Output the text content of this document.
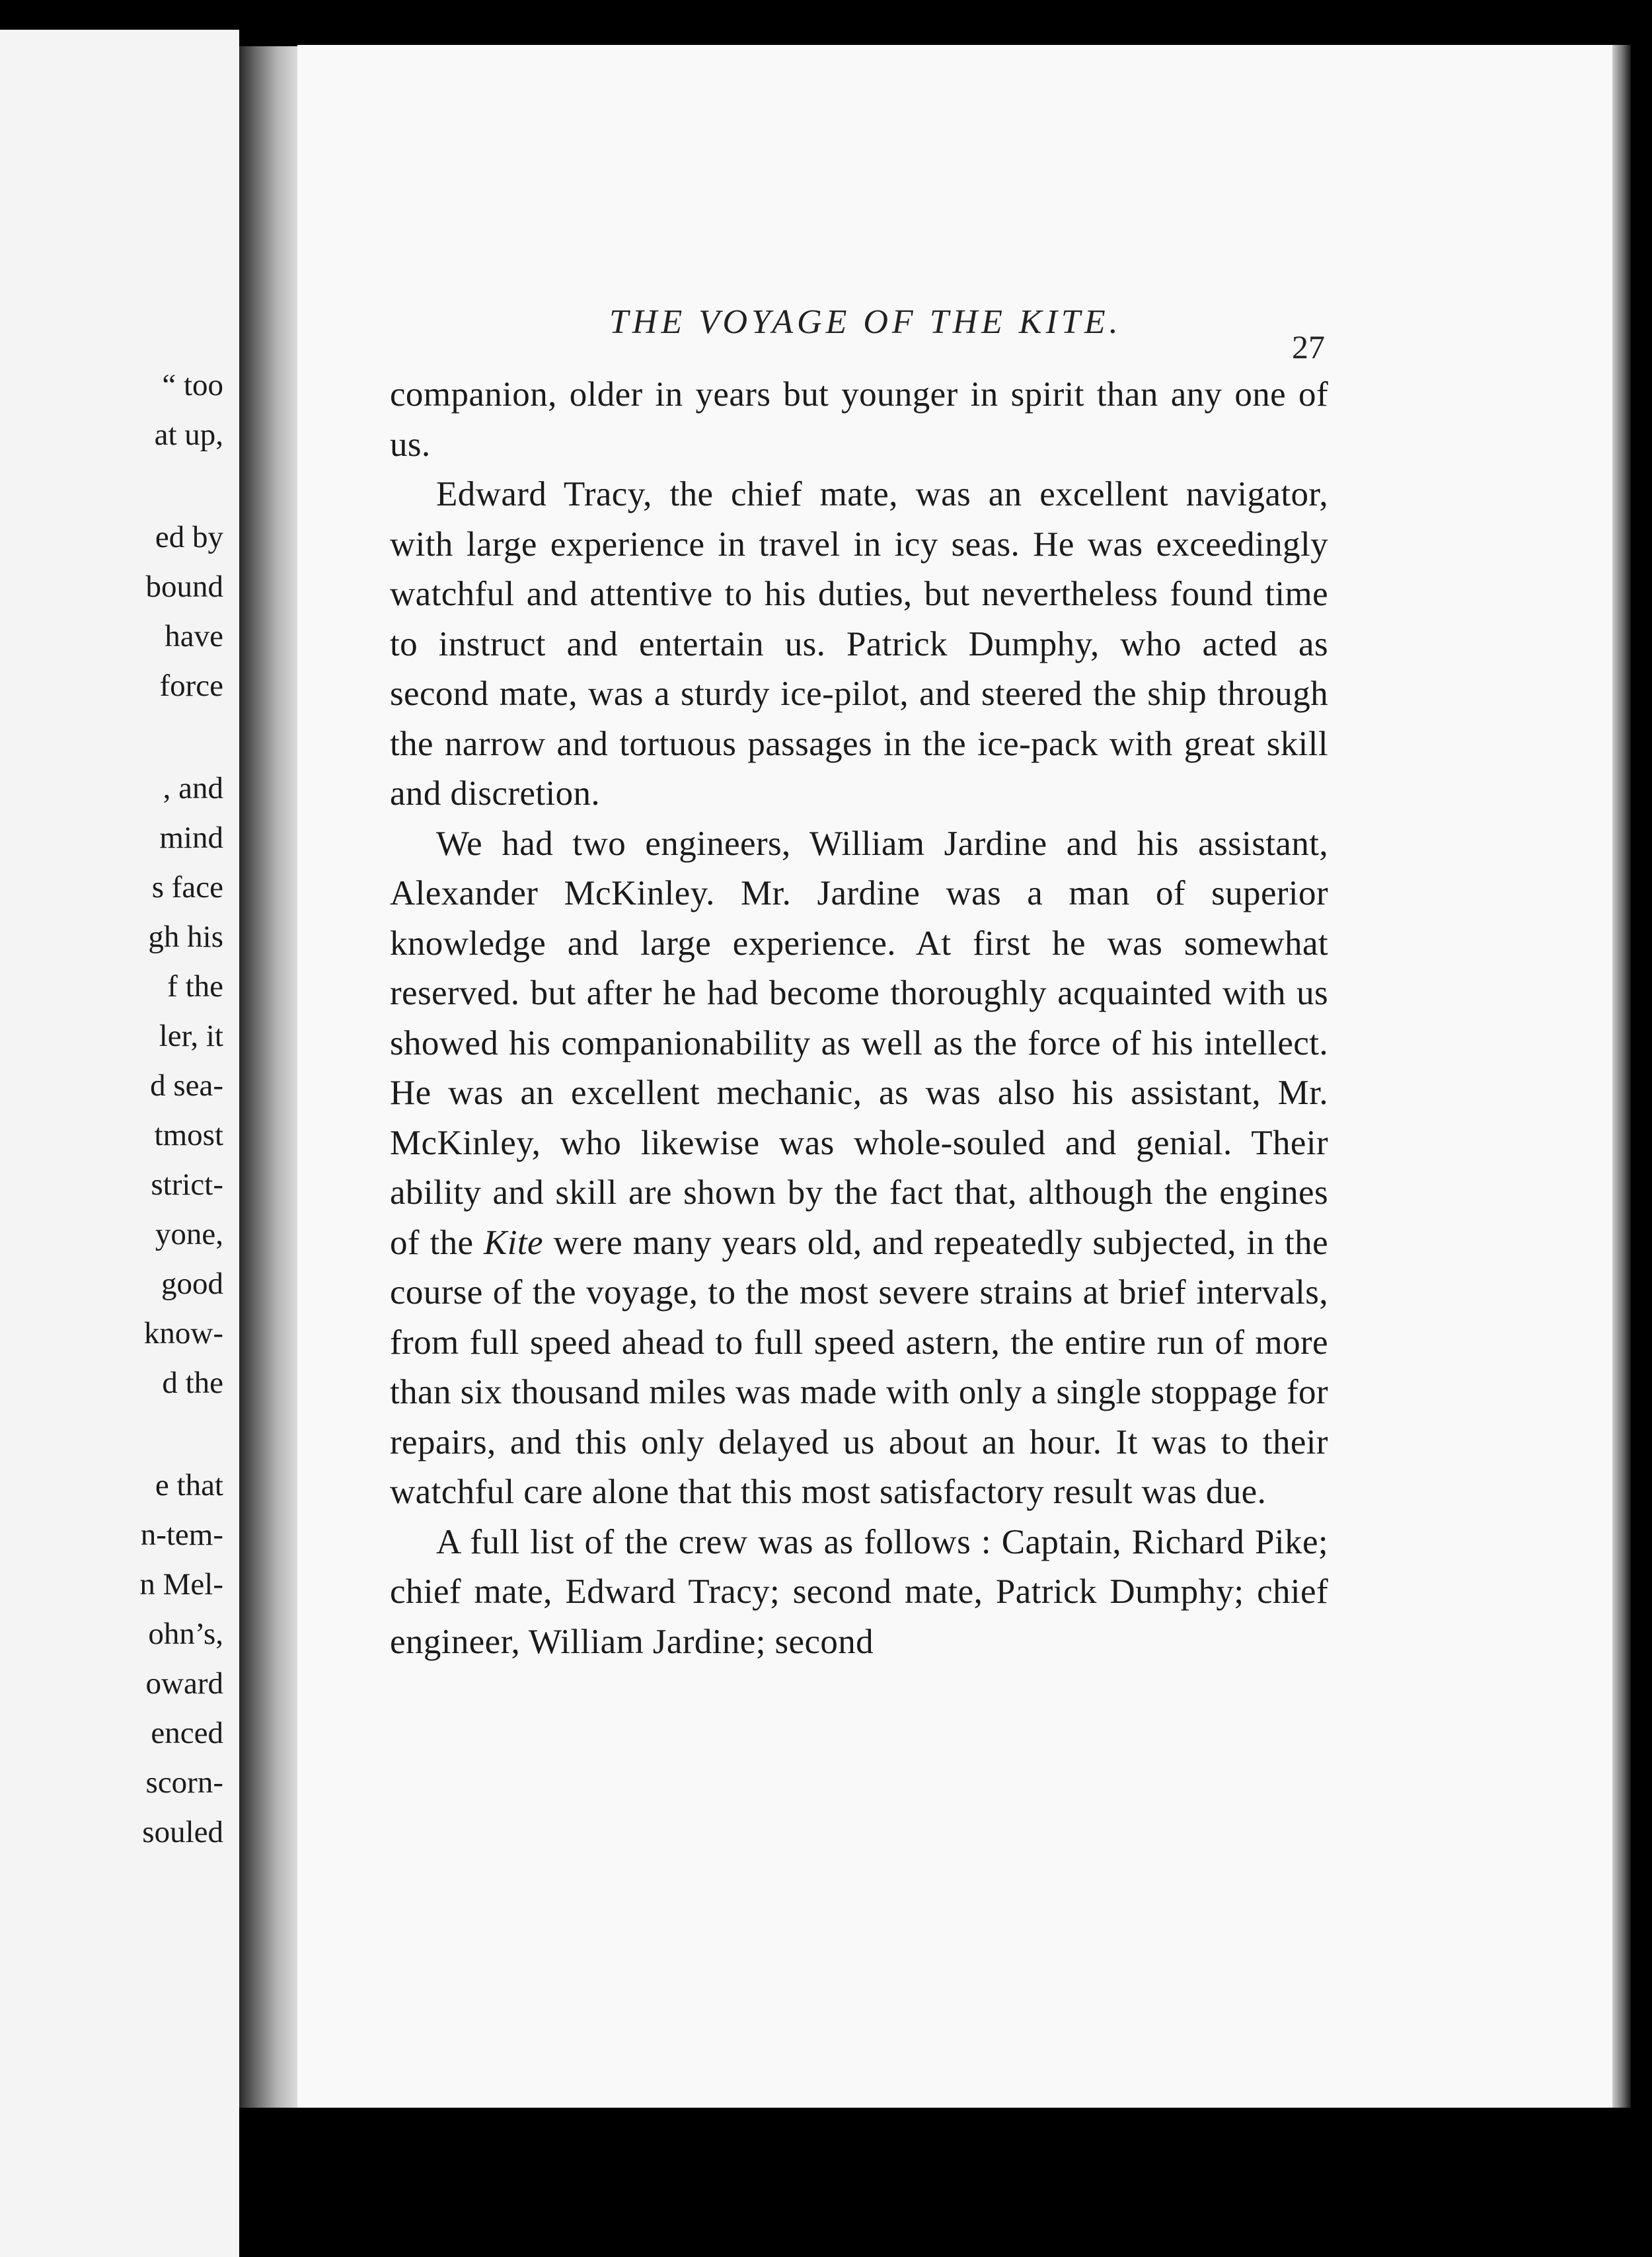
“ too
at up,
ed by
bound
have
force
, and
mind
s face
gh his
f the
ler, it
d sea-
tmost
strict-
yone,
good
know-
d the
e that
n-tem-
n Mel-
ohn’s,
oward
enced
scorn-
souled
THE VOYAGE OF THE KITE.
27

companion, older in years but younger in spirit than any one of us.

Edward Tracy, the chief mate, was an excellent navigator, with large experience in travel in icy seas. He was exceedingly watchful and attentive to his duties, but nevertheless found time to instruct and entertain us. Patrick Dumphy, who acted as second mate, was a sturdy ice-pilot, and steered the ship through the narrow and tortuous passages in the ice-pack with great skill and discretion.

We had two engineers, William Jardine and his assistant, Alexander McKinley. Mr. Jardine was a man of superior knowledge and large experience. At first he was somewhat reserved. but after he had become thoroughly acquainted with us showed his companionability as well as the force of his intellect. He was an excellent mechanic, as was also his assistant, Mr. McKinley, who likewise was whole-souled and genial. Their ability and skill are shown by the fact that, although the engines of the Kite were many years old, and repeatedly subjected, in the course of the voyage, to the most severe strains at brief intervals, from full speed ahead to full speed astern, the entire run of more than six thousand miles was made with only a single stoppage for repairs, and this only delayed us about an hour. It was to their watchful care alone that this most satisfactory result was due.

A full list of the crew was as follows : Captain, Richard Pike; chief mate, Edward Tracy; second mate, Patrick Dumphy; chief engineer, William Jardine; second
